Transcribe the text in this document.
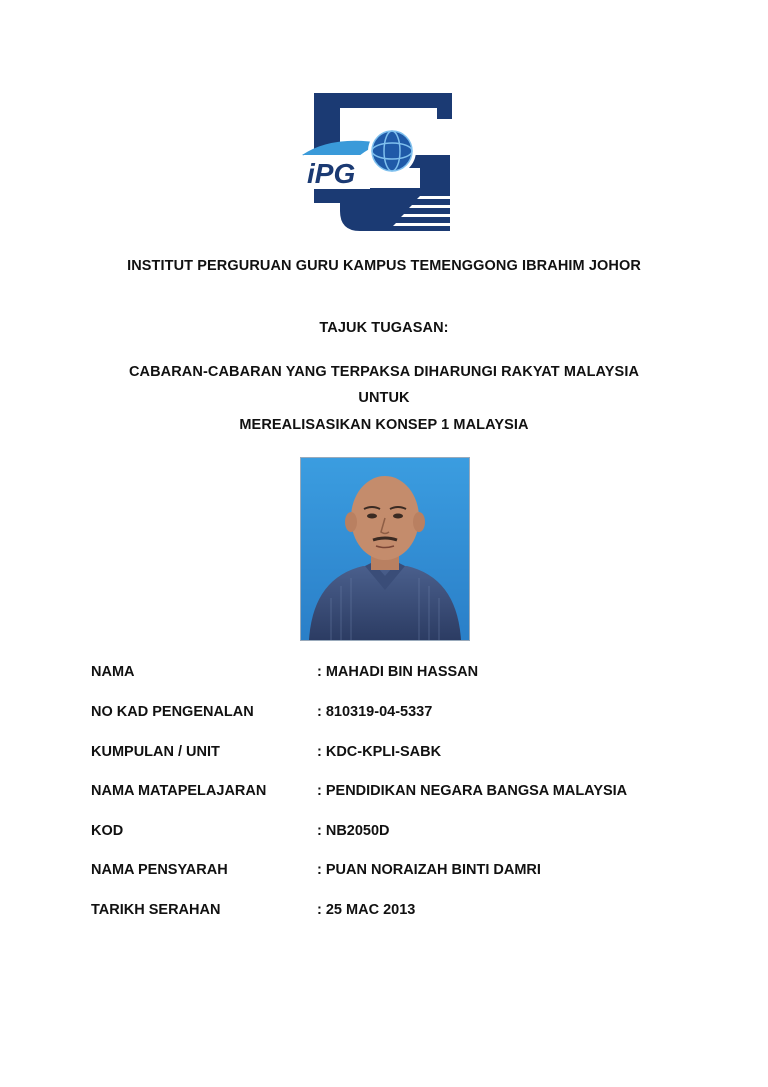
iPG
INSTITUT PERGURUAN GURU KAMPUS TEMENGGONG IBRAHIM JOHOR
TAJUK TUGASAN:
CABARAN-CABARAN YANG TERPAKSA DIHARUNGI RAKYAT MALAYSIA
UNTUK
MEREALISASIKAN KONSEP 1 MALAYSIA
NAMA	: MAHADI BIN HASSAN
NO KAD PENGENALAN	: 810319-04-5337
KUMPULAN / UNIT	: KDC-KPLI-SABK
NAMA MATAPELAJARAN	: PENDIDIKAN NEGARA BANGSA MALAYSIA
KOD	: NB2050D
NAMA PENSYARAH	: PUAN NORAIZAH BINTI DAMRI
TARIKH SERAHAN	: 25 MAC 2013
